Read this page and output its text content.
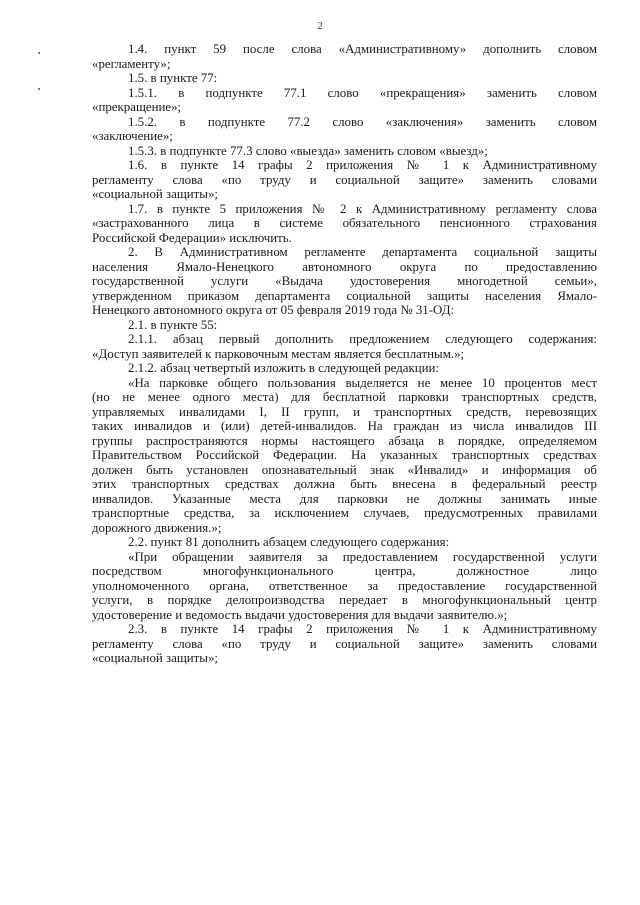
2
1.4. пункт 59 после слова «Административному» дополнить словом
«регламенту»;
1.5. в пункте 77:
1.5.1. в подпункте 77.1 слово «прекращения» заменить словом
«прекращение»;
1.5.2. в подпункте 77.2 слово «заключения» заменить словом
«заключение»;
1.5.3. в подпункте 77.3 слово «выезда» заменить словом «выезд»;
1.6. в пункте 14 графы 2 приложения № 1 к Административному
регламенту слова «по труду и социальной защите» заменить словами
«социальной защиты»;
1.7. в пункте 5 приложения № 2 к Административному регламенту слова
«застрахованного лица в системе обязательного пенсионного страхования
Российской Федерации» исключить.
2. В Административном регламенте департамента социальной защиты
населения Ямало-Ненецкого автономного округа по предоставлению
государственной услуги «Выдача удостоверения многодетной семьи»,
утвержденном приказом департамента социальной защиты населения Ямало-
Ненецкого автономного округа от 05 февраля 2019 года № 31-ОД:
2.1. в пункте 55:
2.1.1. абзац первый дополнить предложением следующего содержания:
«Доступ заявителей к парковочным местам является бесплатным.»;
2.1.2. абзац четвертый изложить в следующей редакции:
«На парковке общего пользования выделяется не менее 10 процентов мест
(но не менее одного места) для бесплатной парковки транспортных средств,
управляемых инвалидами I, II групп, и транспортных средств, перевозящих
таких инвалидов и (или) детей-инвалидов. На граждан из числа инвалидов III
группы распространяются нормы настоящего абзаца в порядке, определяемом
Правительством Российской Федерации. На указанных транспортных средствах
должен быть установлен опознавательный знак «Инвалид» и информация об
этих транспортных средствах должна быть внесена в федеральный реестр
инвалидов. Указанные места для парковки не должны занимать иные
транспортные средства, за исключением случаев, предусмотренных правилами
дорожного движения.»;
2.2. пункт 81 дополнить абзацем следующего содержания:
«При обращении заявителя за предоставлением государственной услуги
посредством многофункционального центра, должностное лицо
уполномоченного органа, ответственное за предоставление государственной
услуги, в порядке делопроизводства передает в многофункциональный центр
удостоверение и ведомость выдачи удостоверения для выдачи заявителю.»;
2.3. в пункте 14 графы 2 приложения № 1 к Административному
регламенту слова «по труду и социальной защите» заменить словами
«социальной защиты»;
